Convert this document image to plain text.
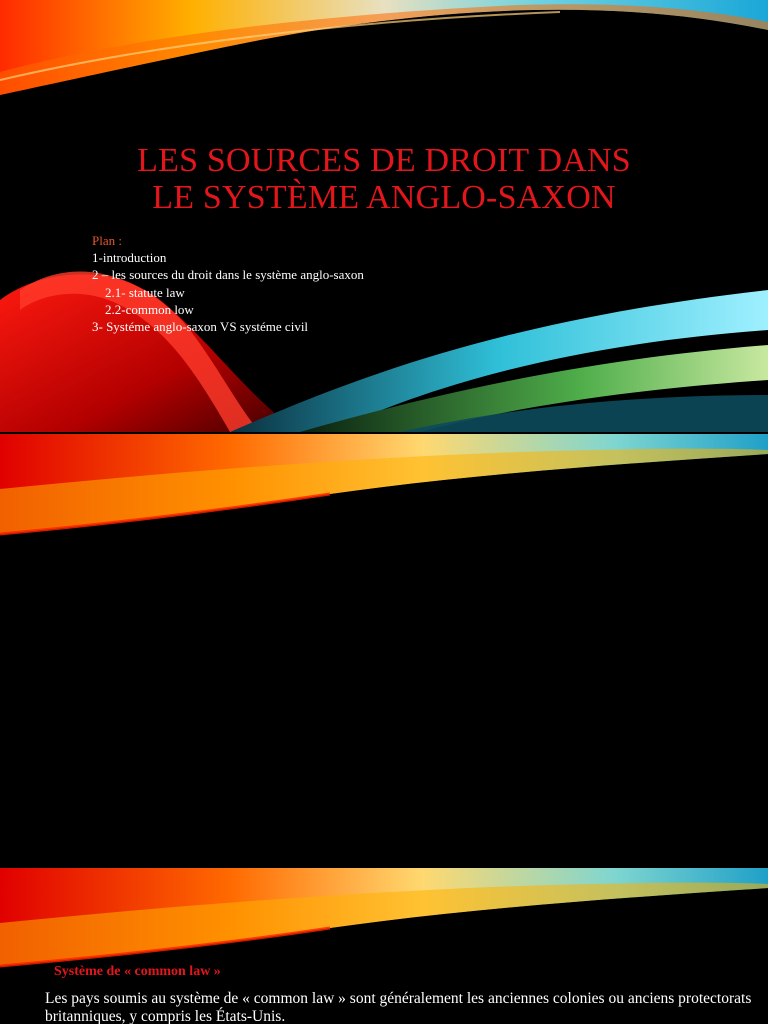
LES SOURCES DE DROIT DANS
LE SYSTÈME ANGLO-SAXON
Plan :
1-introduction
2 – les sources du droit dans le système anglo-saxon
2.1- statute law
2.2-common low
3- Systéme anglo-saxon VS systéme civil

Système de « common law »
Les pays soumis au système de « common law » sont généralement les anciennes colonies ou anciens protectorats britanniques, y compris les États-Unis.
